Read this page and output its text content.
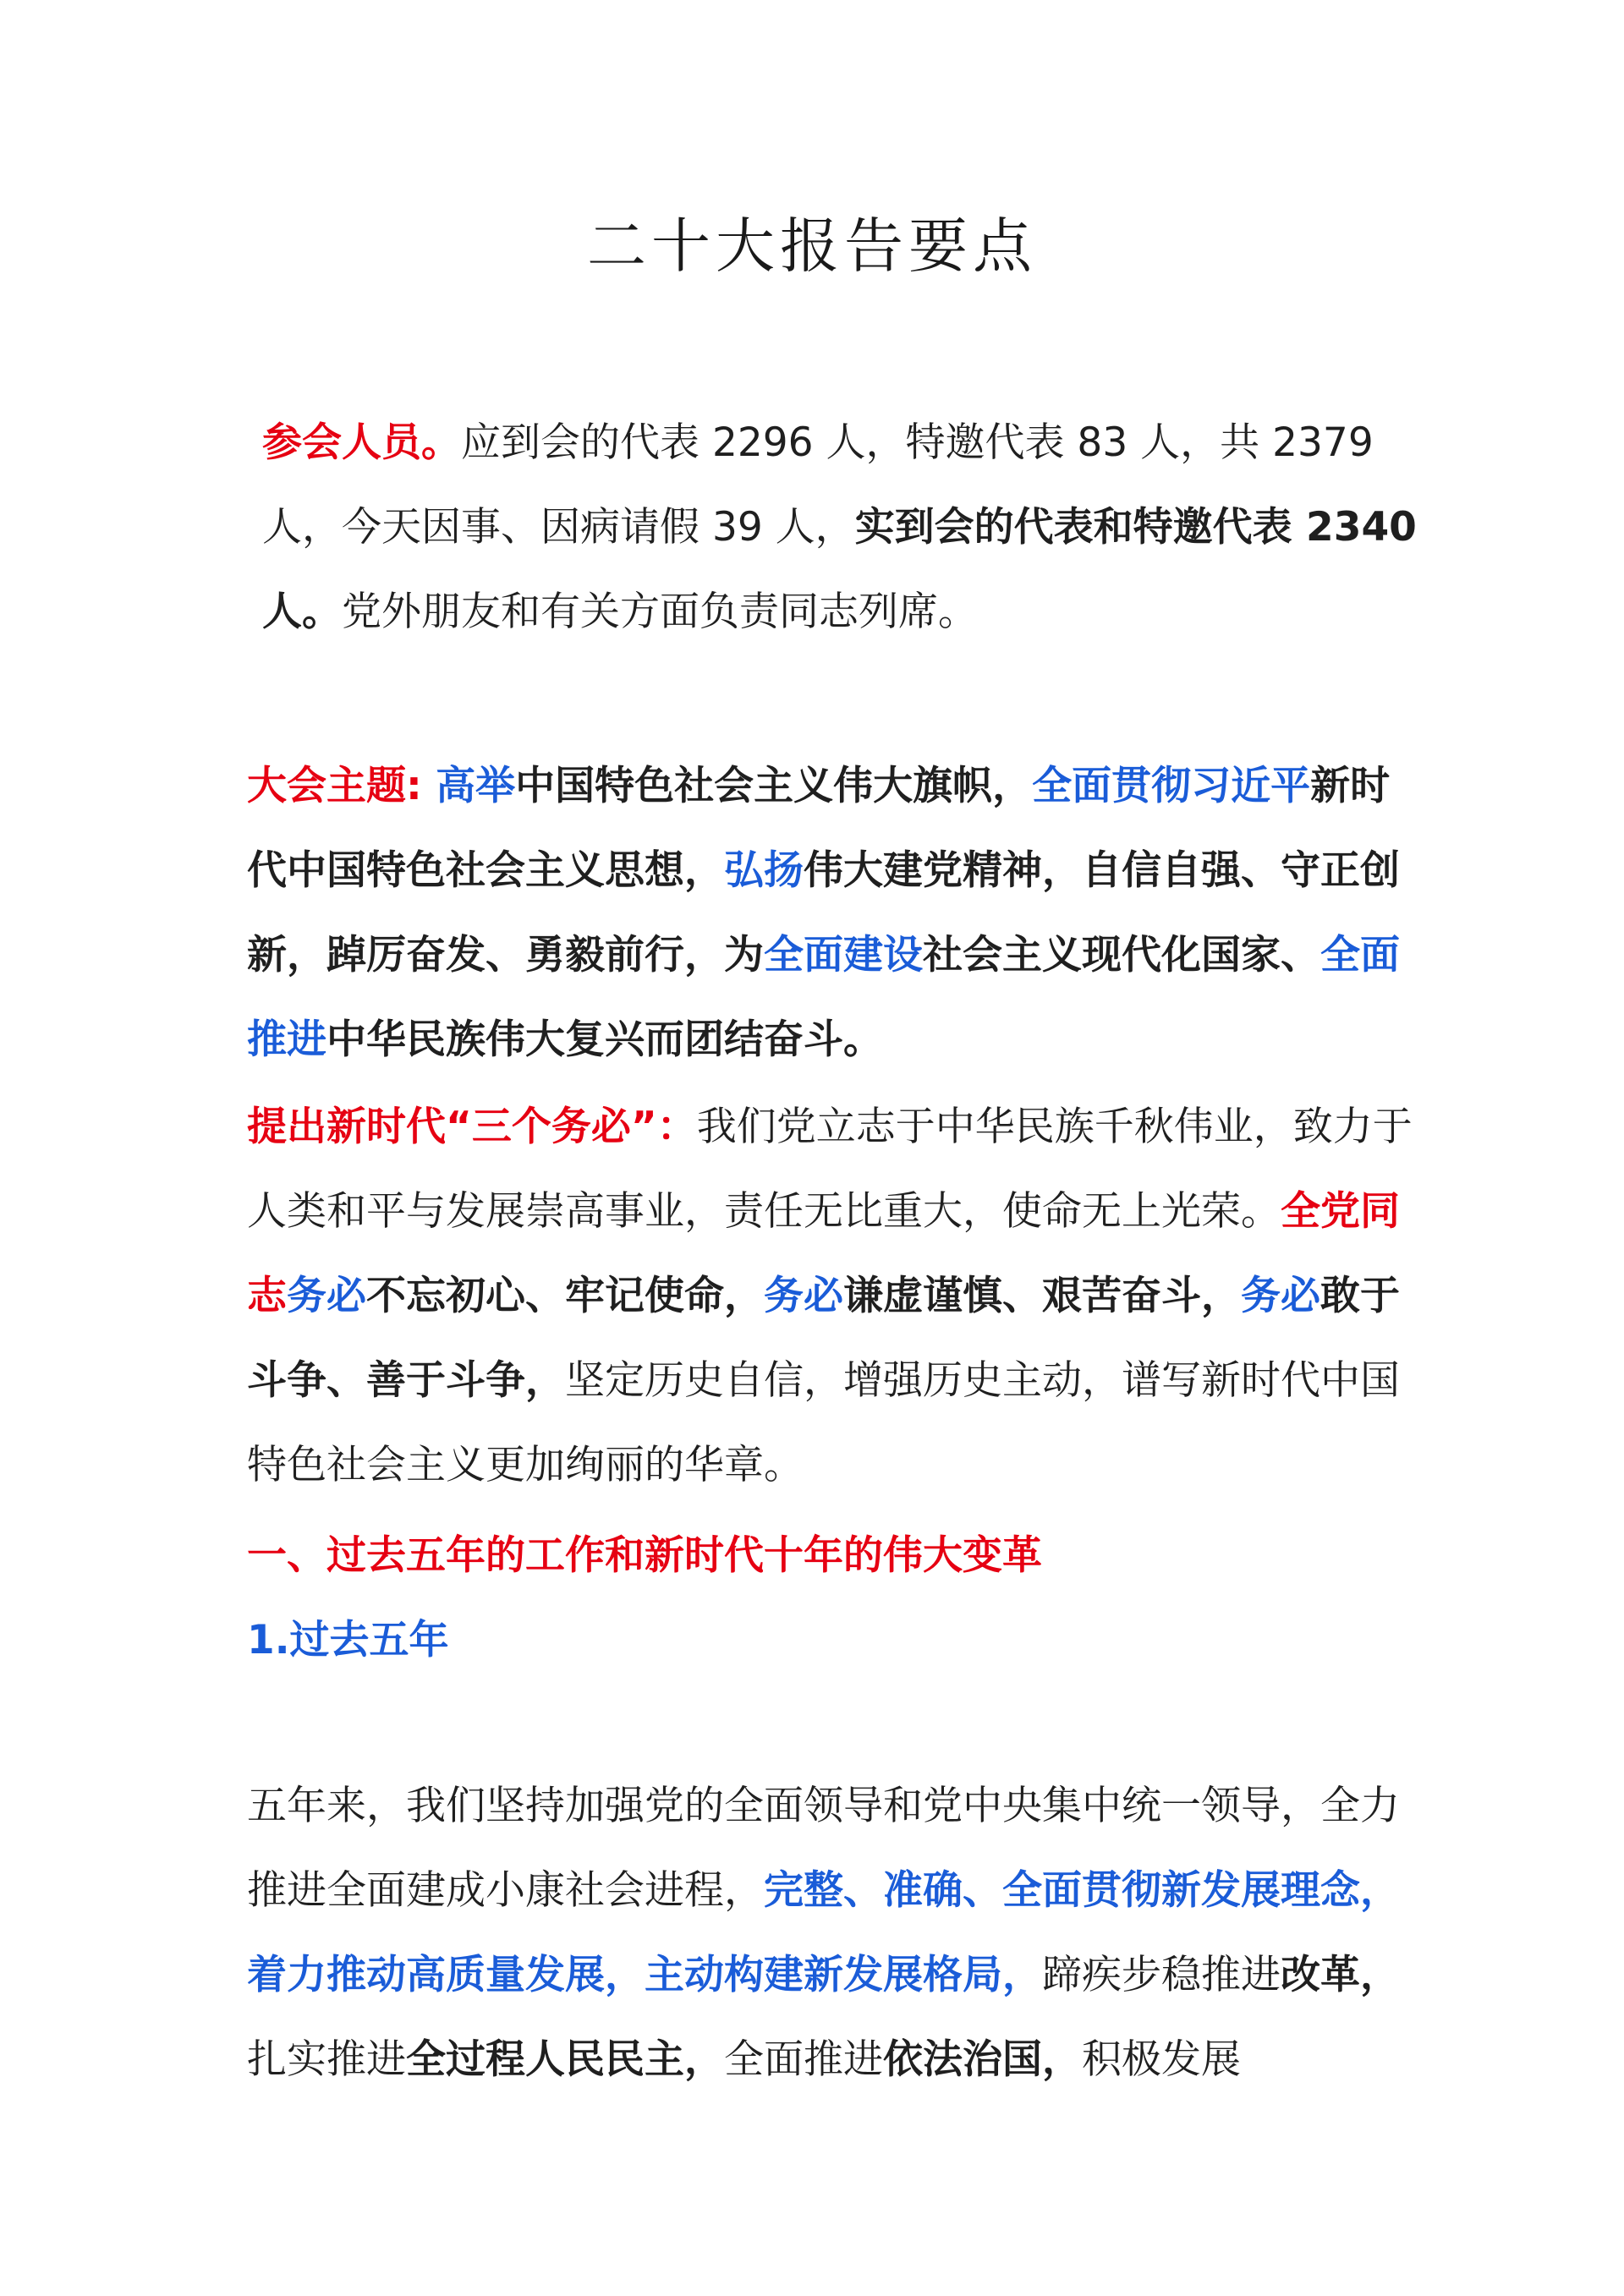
二十大报告要点
参会人员。应到会的代表 2296 人，特邀代表 83 人，共 2379 人，今天因事、因病请假 39 人，实到会的代表和特邀代表 2340 人。党外朋友和有关方面负责同志列席。
大会主题: 高举中国特色社会主义伟大旗帜，全面贯彻习近平新时代中国特色社会主义思想，弘扬伟大建党精神，自信自强、守正创新，踔厉奋发、勇毅前行，为全面建设社会主义现代化国家、全面推进中华民族伟大复兴而团结奋斗。
提出新时代“三个务必”：我们党立志于中华民族千秋伟业，致力于人类和平与发展崇高事业，责任无比重大，使命无上光荣。全党同志务必不忘初心、牢记使命，务必谦虚谨慎、艰苦奋斗，务必敢于斗争、善于斗争，坚定历史自信，增强历史主动，谱写新时代中国特色社会主义更加绚丽的华章。
一、过去五年的工作和新时代十年的伟大变革
1.过去五年
五年来，我们坚持加强党的全面领导和党中央集中统一领导，全力推进全面建成小康社会进程，完整、准确、全面贯彻新发展理念，着力推动高质量发展，主动构建新发展格局，蹄疾步稳推进改革，扎实推进全过程人民民主，全面推进依法治国，积极发展
